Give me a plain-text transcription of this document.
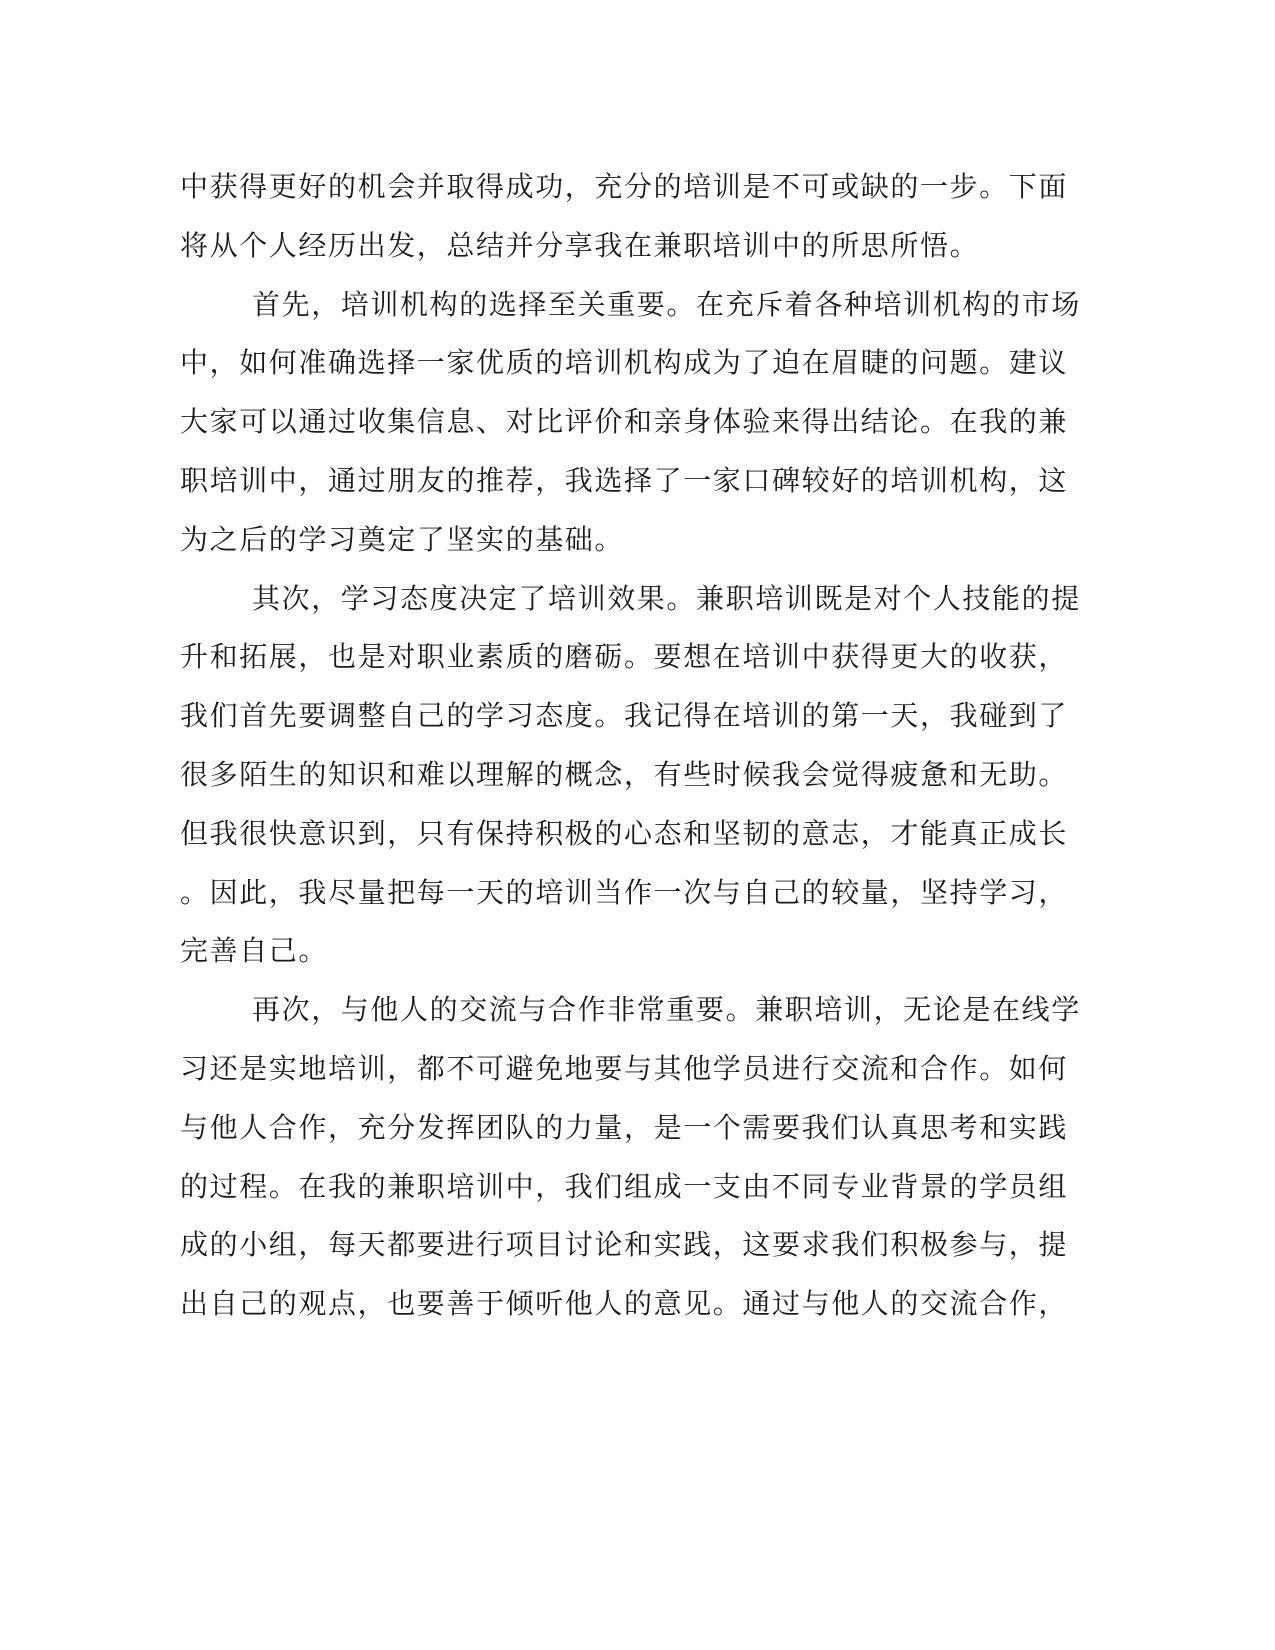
中获得更好的机会并取得成功，充分的培训是不可或缺的一步。下面
将从个人经历出发，总结并分享我在兼职培训中的所思所悟。
首先，培训机构的选择至关重要。在充斥着各种培训机构的市场
中，如何准确选择一家优质的培训机构成为了迫在眉睫的问题。建议
大家可以通过收集信息、对比评价和亲身体验来得出结论。在我的兼
职培训中，通过朋友的推荐，我选择了一家口碑较好的培训机构，这
为之后的学习奠定了坚实的基础。
其次，学习态度决定了培训效果。兼职培训既是对个人技能的提
升和拓展，也是对职业素质的磨砺。要想在培训中获得更大的收获，
我们首先要调整自己的学习态度。我记得在培训的第一天，我碰到了
很多陌生的知识和难以理解的概念，有些时候我会觉得疲惫和无助。
但我很快意识到，只有保持积极的心态和坚韧的意志，才能真正成长
。因此，我尽量把每一天的培训当作一次与自己的较量，坚持学习，
完善自己。
再次，与他人的交流与合作非常重要。兼职培训，无论是在线学
习还是实地培训，都不可避免地要与其他学员进行交流和合作。如何
与他人合作，充分发挥团队的力量，是一个需要我们认真思考和实践
的过程。在我的兼职培训中，我们组成一支由不同专业背景的学员组
成的小组，每天都要进行项目讨论和实践，这要求我们积极参与，提
出自己的观点，也要善于倾听他人的意见。通过与他人的交流合作，
